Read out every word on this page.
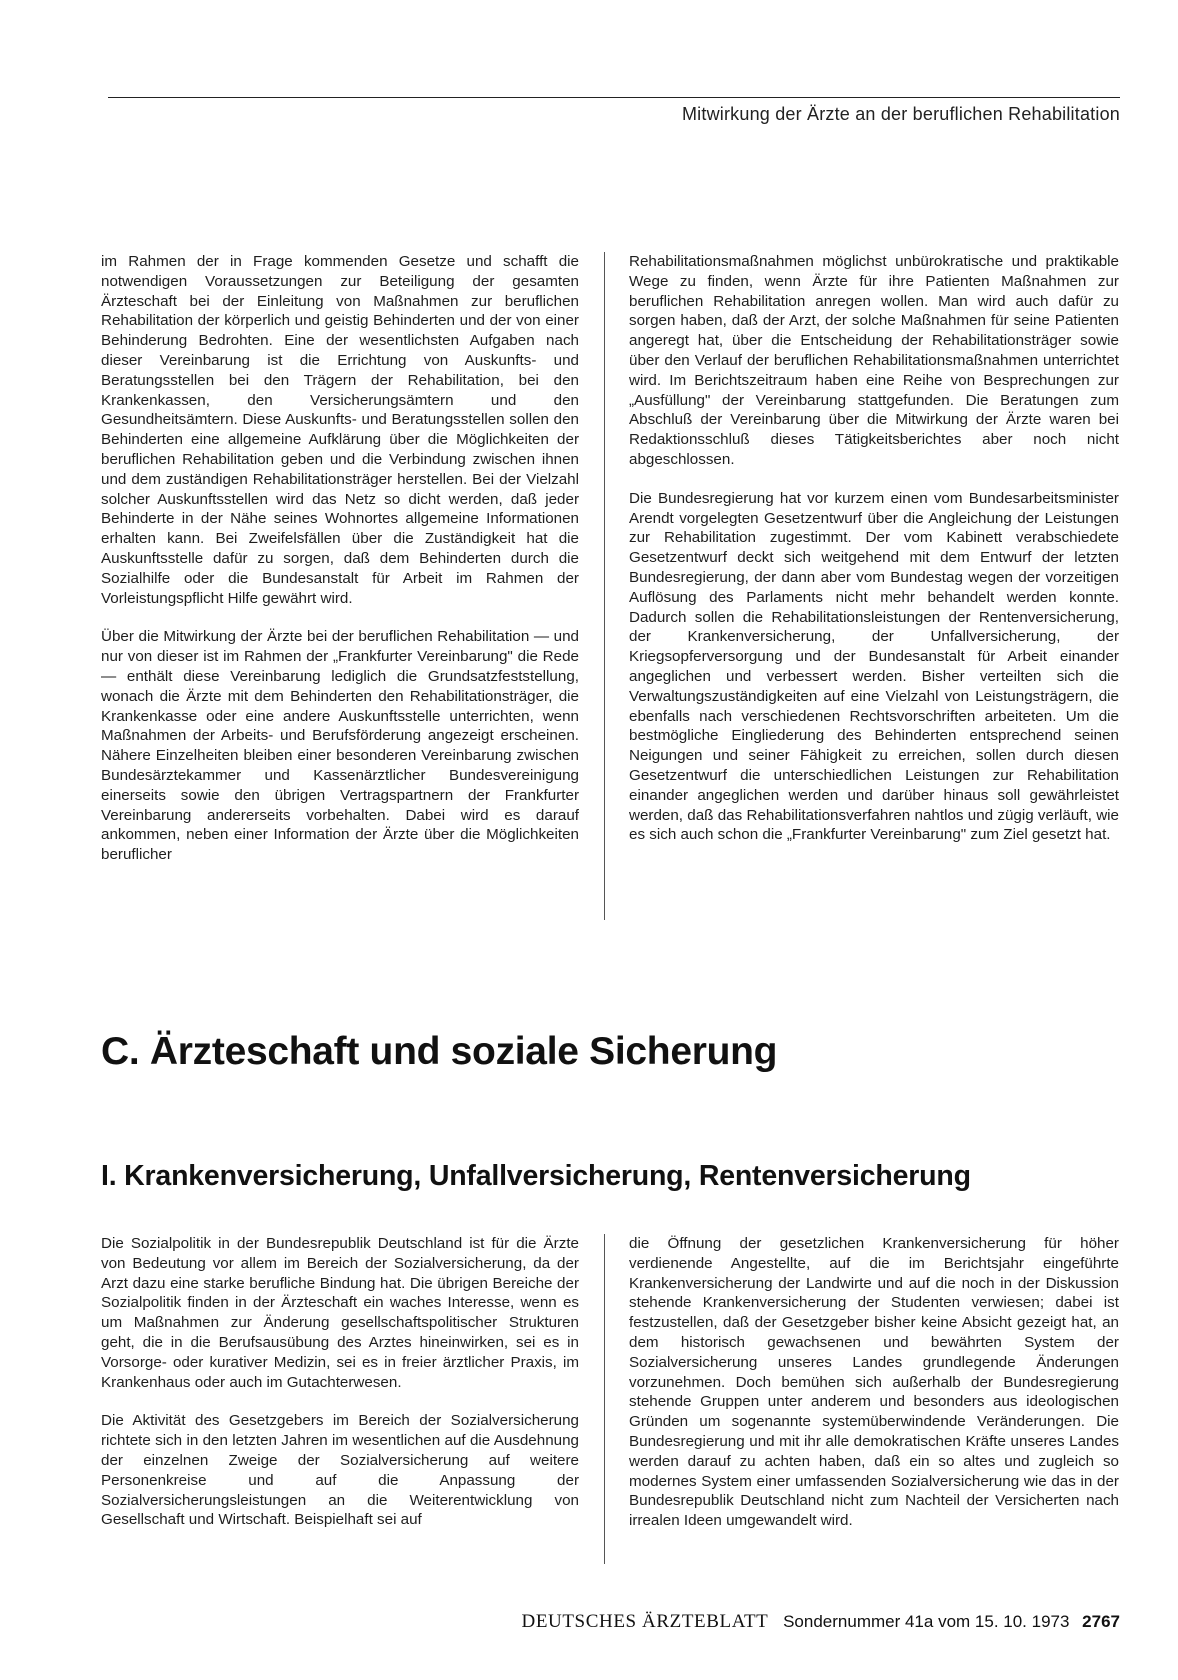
Mitwirkung der Ärzte an der beruflichen Rehabilitation

im Rahmen der in Frage kommenden Gesetze und schafft die notwendigen Voraussetzungen zur Beteiligung der gesamten Ärzteschaft bei der Einleitung von Maßnahmen zur beruflichen Rehabilitation der körperlich und geistig Behinderten und der von einer Behinderung Bedrohten. Eine der wesentlichsten Aufgaben nach dieser Vereinbarung ist die Errichtung von Auskunfts- und Beratungsstellen bei den Trägern der Rehabilitation, bei den Krankenkassen, den Versicherungsämtern und den Gesundheitsämtern. Diese Auskunfts- und Beratungsstellen sollen den Behinderten eine allgemeine Aufklärung über die Möglichkeiten der beruflichen Rehabilitation geben und die Verbindung zwischen ihnen und dem zuständigen Rehabilitationsträger herstellen. Bei der Vielzahl solcher Auskunftsstellen wird das Netz so dicht werden, daß jeder Behinderte in der Nähe seines Wohnortes allgemeine Informationen erhalten kann. Bei Zweifelsfällen über die Zuständigkeit hat die Auskunftsstelle dafür zu sorgen, daß dem Behinderten durch die Sozialhilfe oder die Bundesanstalt für Arbeit im Rahmen der Vorleistungspflicht Hilfe gewährt wird.

Über die Mitwirkung der Ärzte bei der beruflichen Rehabilitation — und nur von dieser ist im Rahmen der „Frankfurter Vereinbarung" die Rede — enthält diese Vereinbarung lediglich die Grundsatzfeststellung, wonach die Ärzte mit dem Behinderten den Rehabilitationsträger, die Krankenkasse oder eine andere Auskunftsstelle unterrichten, wenn Maßnahmen der Arbeits- und Berufsförderung angezeigt erscheinen. Nähere Einzelheiten bleiben einer besonderen Vereinbarung zwischen Bundesärztekammer und Kassenärztlicher Bundesvereinigung einerseits sowie den übrigen Vertragspartnern der Frankfurter Vereinbarung andererseits vorbehalten. Dabei wird es darauf ankommen, neben einer Information der Ärzte über die Möglichkeiten beruflicher

Rehabilitationsmaßnahmen möglichst unbürokratische und praktikable Wege zu finden, wenn Ärzte für ihre Patienten Maßnahmen zur beruflichen Rehabilitation anregen wollen. Man wird auch dafür zu sorgen haben, daß der Arzt, der solche Maßnahmen für seine Patienten angeregt hat, über die Entscheidung der Rehabilitationsträger sowie über den Verlauf der beruflichen Rehabilitationsmaßnahmen unterrichtet wird. Im Berichtszeitraum haben eine Reihe von Besprechungen zur „Ausfüllung" der Vereinbarung stattgefunden. Die Beratungen zum Abschluß der Vereinbarung über die Mitwirkung der Ärzte waren bei Redaktionsschluß dieses Tätigkeitsberichtes aber noch nicht abgeschlossen.

Die Bundesregierung hat vor kurzem einen vom Bundesarbeitsminister Arendt vorgelegten Gesetzentwurf über die Angleichung der Leistungen zur Rehabilitation zugestimmt. Der vom Kabinett verabschiedete Gesetzentwurf deckt sich weitgehend mit dem Entwurf der letzten Bundesregierung, der dann aber vom Bundestag wegen der vorzeitigen Auflösung des Parlaments nicht mehr behandelt werden konnte. Dadurch sollen die Rehabilitationsleistungen der Rentenversicherung, der Krankenversicherung, der Unfallversicherung, der Kriegsopferversorgung und der Bundesanstalt für Arbeit einander angeglichen und verbessert werden. Bisher verteilten sich die Verwaltungszuständigkeiten auf eine Vielzahl von Leistungsträgern, die ebenfalls nach verschiedenen Rechtsvorschriften arbeiteten. Um die bestmögliche Eingliederung des Behinderten entsprechend seinen Neigungen und seiner Fähigkeit zu erreichen, sollen durch diesen Gesetzentwurf die unterschiedlichen Leistungen zur Rehabilitation einander angeglichen werden und darüber hinaus soll gewährleistet werden, daß das Rehabilitationsverfahren nahtlos und zügig verläuft, wie es sich auch schon die „Frankfurter Vereinbarung" zum Ziel gesetzt hat.

C. Ärzteschaft und soziale Sicherung
I. Krankenversicherung, Unfallversicherung, Rentenversicherung

Die Sozialpolitik in der Bundesrepublik Deutschland ist für die Ärzte von Bedeutung vor allem im Bereich der Sozialversicherung, da der Arzt dazu eine starke berufliche Bindung hat. Die übrigen Bereiche der Sozialpolitik finden in der Ärzteschaft ein waches Interesse, wenn es um Maßnahmen zur Änderung gesellschaftspolitischer Strukturen geht, die in die Berufsausübung des Arztes hineinwirken, sei es in Vorsorge- oder kurativer Medizin, sei es in freier ärztlicher Praxis, im Krankenhaus oder auch im Gutachterwesen.

Die Aktivität des Gesetzgebers im Bereich der Sozialversicherung richtete sich in den letzten Jahren im wesentlichen auf die Ausdehnung der einzelnen Zweige der Sozialversicherung auf weitere Personenkreise und auf die Anpassung der Sozialversicherungsleistungen an die Weiterentwicklung von Gesellschaft und Wirtschaft. Beispielhaft sei auf

die Öffnung der gesetzlichen Krankenversicherung für höher verdienende Angestellte, auf die im Berichtsjahr eingeführte Krankenversicherung der Landwirte und auf die noch in der Diskussion stehende Krankenversicherung der Studenten verwiesen; dabei ist festzustellen, daß der Gesetzgeber bisher keine Absicht gezeigt hat, an dem historisch gewachsenen und bewährten System der Sozialversicherung unseres Landes grundlegende Änderungen vorzunehmen. Doch bemühen sich außerhalb der Bundesregierung stehende Gruppen unter anderem und besonders aus ideologischen Gründen um sogenannte systemüberwindende Veränderungen. Die Bundesregierung und mit ihr alle demokratischen Kräfte unseres Landes werden darauf zu achten haben, daß ein so altes und zugleich so modernes System einer umfassenden Sozialversicherung wie das in der Bundesrepublik Deutschland nicht zum Nachteil der Versicherten nach irrealen Ideen umgewandelt wird.

DEUTSCHES ÄRZTEBLATT Sondernummer 41a vom 15. 10. 1973 2767
